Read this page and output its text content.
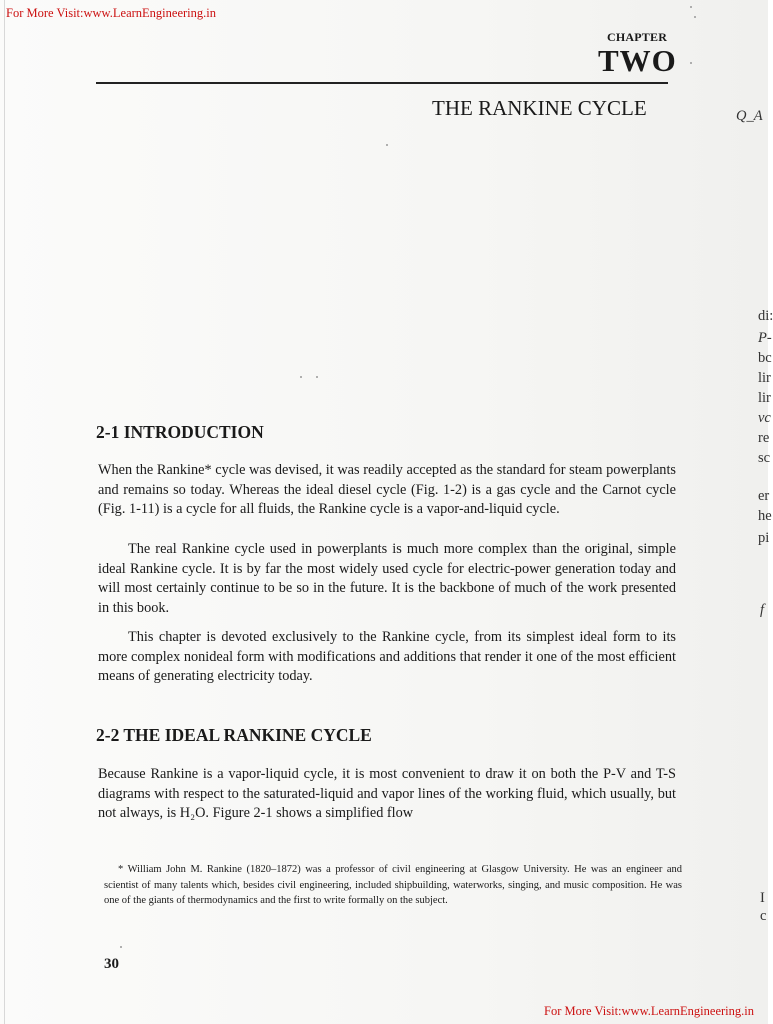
For More Visit:www.LearnEngineering.in
CHAPTER
TWO
THE RANKINE CYCLE
2-1 INTRODUCTION

When the Rankine* cycle was devised, it was readily accepted as the standard for steam powerplants and remains so today. Whereas the ideal diesel cycle (Fig. 1-2) is a gas cycle and the Carnot cycle (Fig. 1-11) is a cycle for all fluids, the Rankine cycle is a vapor-and-liquid cycle.

The real Rankine cycle used in powerplants is much more complex than the original, simple ideal Rankine cycle. It is by far the most widely used cycle for electric-power generation today and will most certainly continue to be so in the future. It is the backbone of much of the work presented in this book.

This chapter is devoted exclusively to the Rankine cycle, from its simplest ideal form to its more complex nonideal form with modifications and additions that render it one of the most efficient means of generating electricity today.

2-2 THE IDEAL RANKINE CYCLE

Because Rankine is a vapor-liquid cycle, it is most convenient to draw it on both the P-V and T-S diagrams with respect to the saturated-liquid and vapor lines of the working fluid, which usually, but not always, is H₂O. Figure 2-1 shows a simplified flow

* William John M. Rankine (1820–1872) was a professor of civil engineering at Glasgow University. He was an engineer and scientist of many talents which, besides civil engineering, included shipbuilding, waterworks, singing, and music composition. He was one of the giants of thermodynamics and the first to write formally on the subject.

30
For More Visit:www.LearnEngineering.in
Q_A
di:
P-
bc
lir
lir
vc
re
sc
er
he
pi
f
I
c
